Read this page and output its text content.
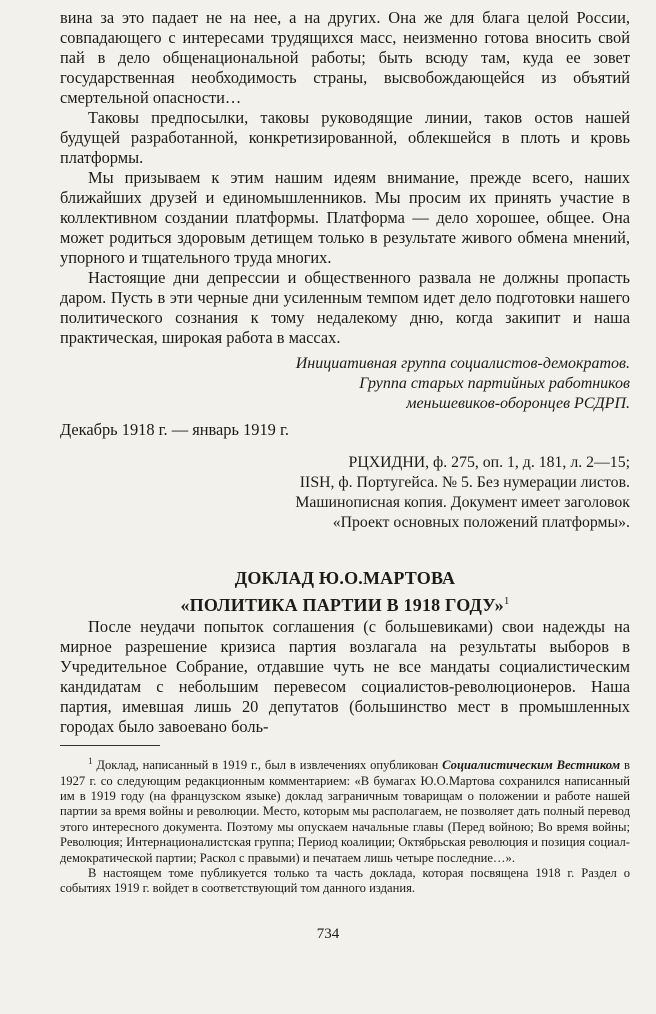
вина за это падает не на нее, а на других. Она же для блага целой России, совпадающего с интересами трудящихся масс, неизменно готова вносить свой пай в дело общенациональной работы; быть всюду там, куда ее зовет государственная необходимость страны, высвобождающейся из объятий смертельной опасности…

Таковы предпосылки, таковы руководящие линии, таков остов нашей будущей разработанной, конкретизированной, облекшейся в плоть и кровь платформы.

Мы призываем к этим нашим идеям внимание, прежде всего, наших ближайших друзей и единомышленников. Мы просим их принять участие в коллективном создании платформы. Платформа — дело хорошее, общее. Она может родиться здоровым детищем только в результате живого обмена мнений, упорного и тщательного труда многих.

Настоящие дни депрессии и общественного развала не должны пропасть даром. Пусть в эти черные дни усиленным темпом идет дело подготовки нашего политического сознания к тому недалекому дню, когда закипит и наша практическая, широкая работа в массах.

Инициативная группа социалистов-демократов.
Группа старых партийных работников
меньшевиков-оборонцев РСДРП.
Декабрь 1918 г. — январь 1919 г.
РЦХИДНИ, ф. 275, оп. 1, д. 181, л. 2—15;
IISH, ф. Португейса. № 5. Без нумерации листов.
Машинописная копия. Документ имеет заголовок
«Проект основных положений платформы».
ДОКЛАД Ю.О.МАРТОВА
«ПОЛИТИКА ПАРТИИ В 1918 ГОДУ»$^1$

После неудачи попыток соглашения (с большевиками) свои надежды на мирное разрешение кризиса партия возлагала на результаты выборов в Учредительное Собрание, отдавшие чуть не все мандаты социалистическим кандидатам с небольшим перевесом социалистов-революционеров. Наша партия, имевшая лишь 20 депутатов (большинство мест в промышленных городах было завоевано боль-

$^1$ Доклад, написанный в 1919 г., был в извлечениях опубликован Социалистическим Вестником в 1927 г. со следующим редакционным комментарием: «В бумагах Ю.О.Мартова сохранился написанный им в 1919 году (на французском языке) доклад заграничным товарищам о положении и работе нашей партии за время войны и революции. Место, которым мы располагаем, не позволяет дать полный перевод этого интересного документа. Поэтому мы опускаем начальные главы (Перед войною; Во время войны; Революция; Интернационалистская группа; Период коалиции; Октябрьская революция и позиция социал-демократической партии; Раскол с правыми) и печатаем лишь четыре последние…».

В настоящем томе публикуется только та часть доклада, которая посвящена 1918 г. Раздел о событиях 1919 г. войдет в соответствующий том данного издания.

734
